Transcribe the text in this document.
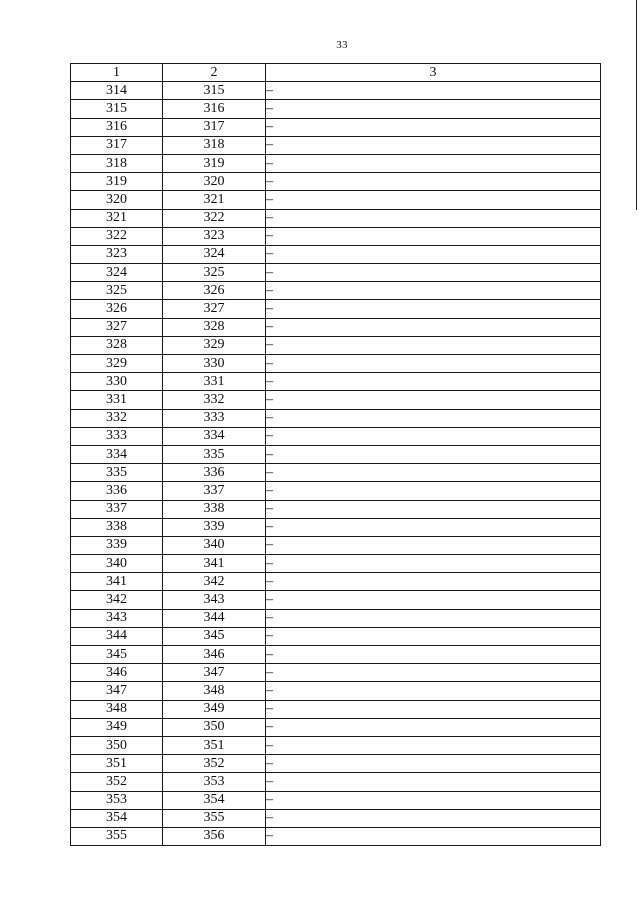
33
1	2	3
314	315	–
315	316	–
316	317	–
317	318	–
318	319	–
319	320	–
320	321	–
321	322	–
322	323	–
323	324	–
324	325	–
325	326	–
326	327	–
327	328	–
328	329	–
329	330	–
330	331	–
331	332	–
332	333	–
333	334	–
334	335	–
335	336	–
336	337	–
337	338	–
338	339	–
339	340	–
340	341	–
341	342	–
342	343	–
343	344	–
344	345	–
345	346	–
346	347	–
347	348	–
348	349	–
349	350	–
350	351	–
351	352	–
352	353	–
353	354	–
354	355	–
355	356	–
